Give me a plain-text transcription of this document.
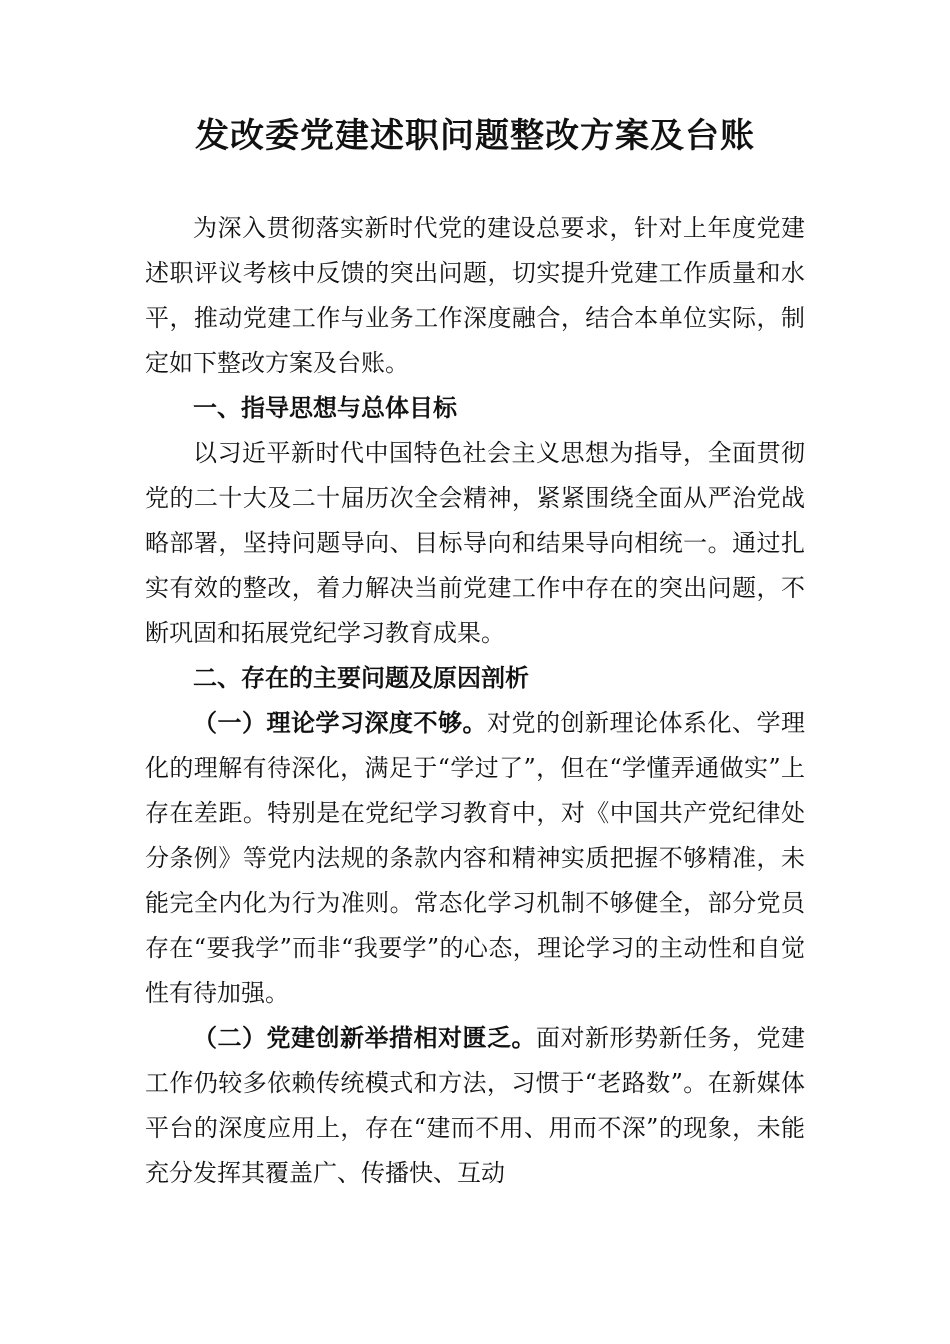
发改委党建述职问题整改方案及台账

为深入贯彻落实新时代党的建设总要求，针对上年度党建述职评议考核中反馈的突出问题，切实提升党建工作质量和水平，推动党建工作与业务工作深度融合，结合本单位实际，制定如下整改方案及台账。

一、指导思想与总体目标

以习近平新时代中国特色社会主义思想为指导，全面贯彻党的二十大及二十届历次全会精神，紧紧围绕全面从严治党战略部署，坚持问题导向、目标导向和结果导向相统一。通过扎实有效的整改，着力解决当前党建工作中存在的突出问题，不断巩固和拓展党纪学习教育成果。

二、存在的主要问题及原因剖析

（一）理论学习深度不够。对党的创新理论体系化、学理化的理解有待深化，满足于“学过了”，但在“学懂弄通做实”上存在差距。特别是在党纪学习教育中，对《中国共产党纪律处分条例》等党内法规的条款内容和精神实质把握不够精准，未能完全内化为行为准则。常态化学习机制不够健全，部分党员存在“要我学”而非“我要学”的心态，理论学习的主动性和自觉性有待加强。

（二）党建创新举措相对匮乏。面对新形势新任务，党建工作仍较多依赖传统模式和方法，习惯于“老路数”。在新媒体平台的深度应用上，存在“建而不用、用而不深”的现象，未能充分发挥其覆盖广、传播快、互动
